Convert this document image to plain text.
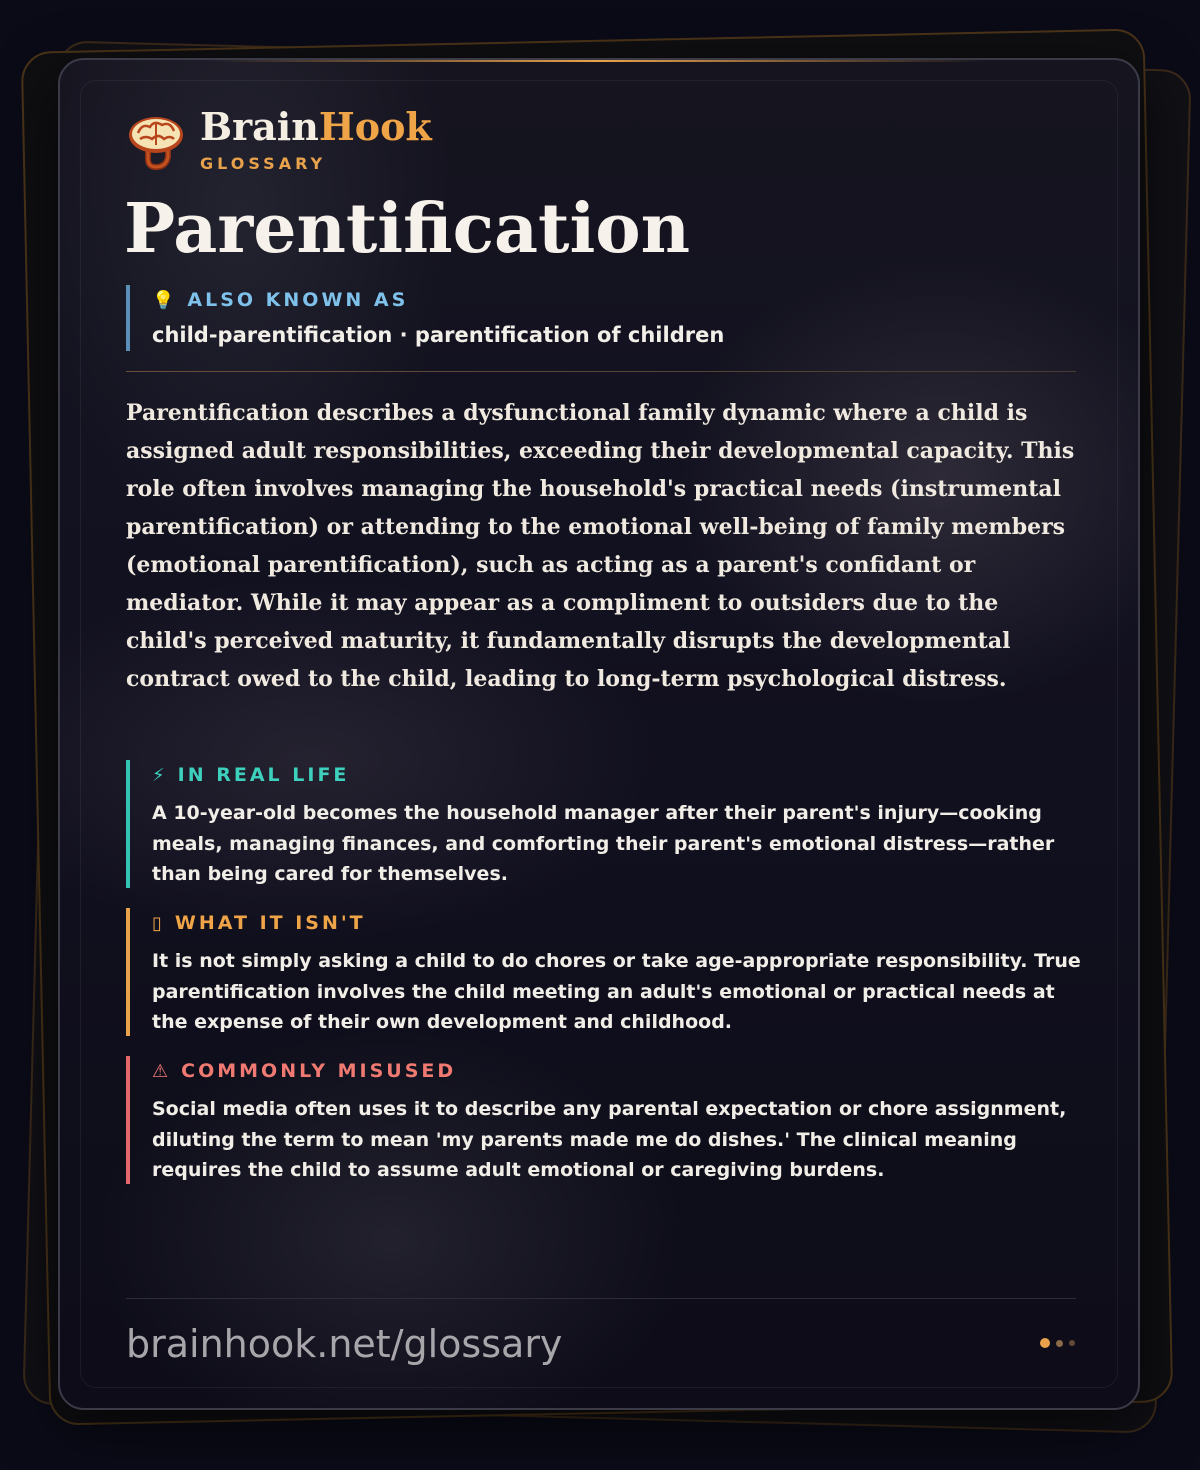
BrainHook
GLOSSARY
Parentification
💡 ALSO KNOWN AS
child-parentification · parentification of children
Parentification describes a dysfunctional family dynamic where a child is assigned adult responsibilities, exceeding their developmental capacity. This role often involves managing the household's practical needs (instrumental parentification) or attending to the emotional well-being of family members (emotional parentification), such as acting as a parent's confidant or mediator. While it may appear as a compliment to outsiders due to the child's perceived maturity, it fundamentally disrupts the developmental contract owed to the child, leading to long-term psychological distress.
⚡ IN REAL LIFE
A 10-year-old becomes the household manager after their parent's injury—cooking meals, managing finances, and comforting their parent's emotional distress—rather than being cared for themselves.
▯ WHAT IT ISN'T
It is not simply asking a child to do chores or take age-appropriate responsibility. True parentification involves the child meeting an adult's emotional or practical needs at the expense of their own development and childhood.
⚠ COMMONLY MISUSED
Social media often uses it to describe any parental expectation or chore assignment, diluting the term to mean 'my parents made me do dishes.' The clinical meaning requires the child to assume adult emotional or caregiving burdens.
brainhook.net/glossary
